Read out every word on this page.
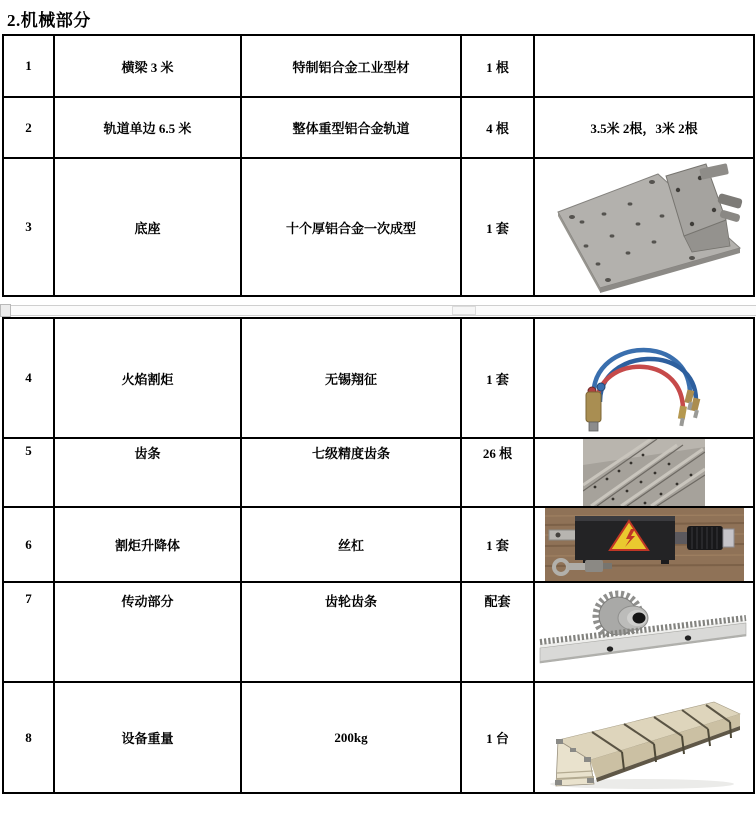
2.机械部分
1	横梁 3 米	特制铝合金工业型材	1 根	
2	轨道单边 6.5 米	整体重型铝合金轨道	4 根	3.5米 2根，3米 2根
3	底座	十个厚铝合金一次成型	1 套	
4	火焰割炬	无锡翔征	1 套	
5	齿条	七级精度齿条	26 根	
6	割炬升降体	丝杠	1 套	
7	传动部分	齿轮齿条	配套	
8	设备重量	200kg	1 台	
